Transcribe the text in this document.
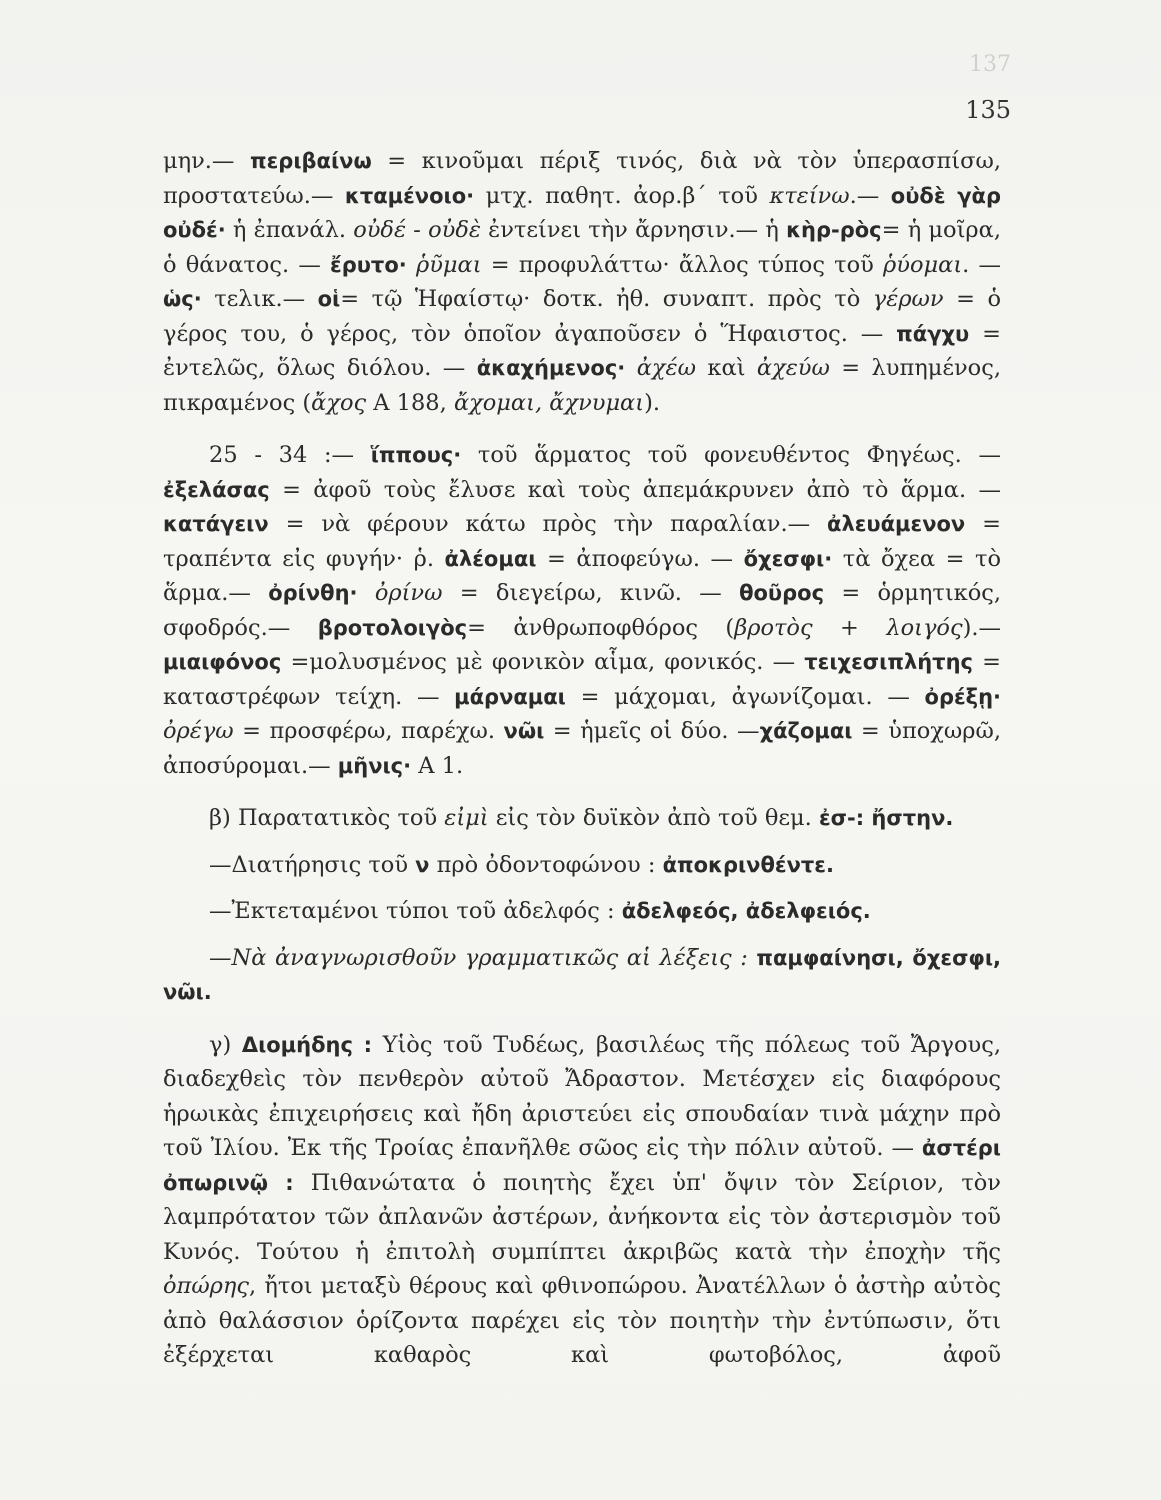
137
135

μην.— περιβαίνω = κινοῦμαι πέριξ τινός, διὰ νὰ τὸν ὑπερασπίσω, προστατεύω.— κταμένοιο· μτχ. παθητ. ἀορ.β΄ τοῦ κτείνω.— οὐδὲ γὰρ οὐδέ· ἡ ἐπανάλ. οὐδέ - οὐδὲ ἐντείνει τὴν ἄρνησιν.— ἡ κὴρ-ρὸς= ἡ μοῖρα, ὁ θάνατος. — ἔρυτο· ῥῦμαι = προφυλάττω· ἄλλος τύπος τοῦ ῥύομαι. — ὡς· τελικ.— οἱ= τῷ Ἡφαίστῳ· δοτκ. ἠθ. συναπτ. πρὸς τὸ γέρων = ὁ γέρος του, ὁ γέρος, τὸν ὁποῖον ἀγαποῦσεν ὁ Ἥφαιστος. — πάγχυ = ἐντελῶς, ὅλως διόλου. — ἀκαχήμενος· ἀχέω καὶ ἀχεύω = λυπημένος, πικραμένος (ἄχος Α 188, ἄχομαι, ἄχνυμαι).

25 - 34 :— ἵππους· τοῦ ἅρματος τοῦ φονευθέντος Φηγέως. —ἐξελάσας = ἀφοῦ τοὺς ἔλυσε καὶ τοὺς ἀπεμάκρυνεν ἀπὸ τὸ ἅρμα. — κατάγειν = νὰ φέρουν κάτω πρὸς τὴν παραλίαν.— ἀλευάμενον = τραπέντα εἰς φυγήν· ῥ. ἀλέομαι = ἀποφεύγω. — ὄχεσφι· τὰ ὄχεα = τὸ ἅρμα.— ὀρίνθη· ὀρίνω = διεγείρω, κινῶ. — θοῦρος = ὁρμητικός, σφοδρός.— βροτολοιγὸς= ἀνθρωποφθόρος (βροτὸς + λοιγός).— μιαιφόνος =μολυσμένος μὲ φονικὸν αἷμα, φονικός. — τειχεσιπλήτης = καταστρέφων τείχη. — μάρναμαι = μάχομαι, ἀγωνίζομαι. — ὀρέξῃ· ὀρέγω = προσφέρω, παρέχω. νῶι = ἡμεῖς οἱ δύο. —χάζομαι = ὑποχωρῶ, ἀποσύρομαι.— μῆνις· Α 1.

β) Παρατατικὸς τοῦ εἰμὶ εἰς τὸν δυϊκὸν ἀπὸ τοῦ θεμ. ἐσ-: ἤστην.

—Διατήρησις τοῦ ν πρὸ ὀδοντοφώνου : ἀποκρινθέντε.

—Ἐκτεταμένοι τύποι τοῦ ἀδελφός : ἀδελφεός, ἀδελφειός.

—Νὰ ἀναγνωρισθοῦν γραμματικῶς αἱ λέξεις : παμφαίνησι, ὄχεσφι, νῶι.

γ) Διομήδης : Υἱὸς τοῦ Τυδέως, βασιλέως τῆς πόλεως τοῦ Ἄργους, διαδεχθεὶς τὸν πενθερὸν αὐτοῦ Ἄδραστον. Μετέσχεν εἰς διαφόρους ἡρωικὰς ἐπιχειρήσεις καὶ ἤδη ἀριστεύει εἰς σπουδαίαν τινὰ μάχην πρὸ τοῦ Ἰλίου. Ἐκ τῆς Τροίας ἐπανῆλθε σῶος εἰς τὴν πόλιν αὐτοῦ. — ἀστέρι ὀπωρινῷ : Πιθανώτατα ὁ ποιητὴς ἔχει ὑπ' ὄψιν τὸν Σείριον, τὸν λαμπρότατον τῶν ἀπλανῶν ἀστέρων, ἀνήκοντα εἰς τὸν ἀστερισμὸν τοῦ Κυνός. Τούτου ἡ ἐπιτολὴ συμπίπτει ἀκριβῶς κατὰ τὴν ἐποχὴν τῆς ὀπώρης, ἤτοι μεταξὺ θέρους καὶ φθινοπώρου. Ἀνατέλλων ὁ ἀστὴρ αὐτὸς ἀπὸ θαλάσσιον ὁρίζοντα παρέχει εἰς τὸν ποιητὴν τὴν ἐντύπωσιν, ὅτι ἐξέρχεται καθαρὸς καὶ φωτοβόλος, ἀφοῦ
